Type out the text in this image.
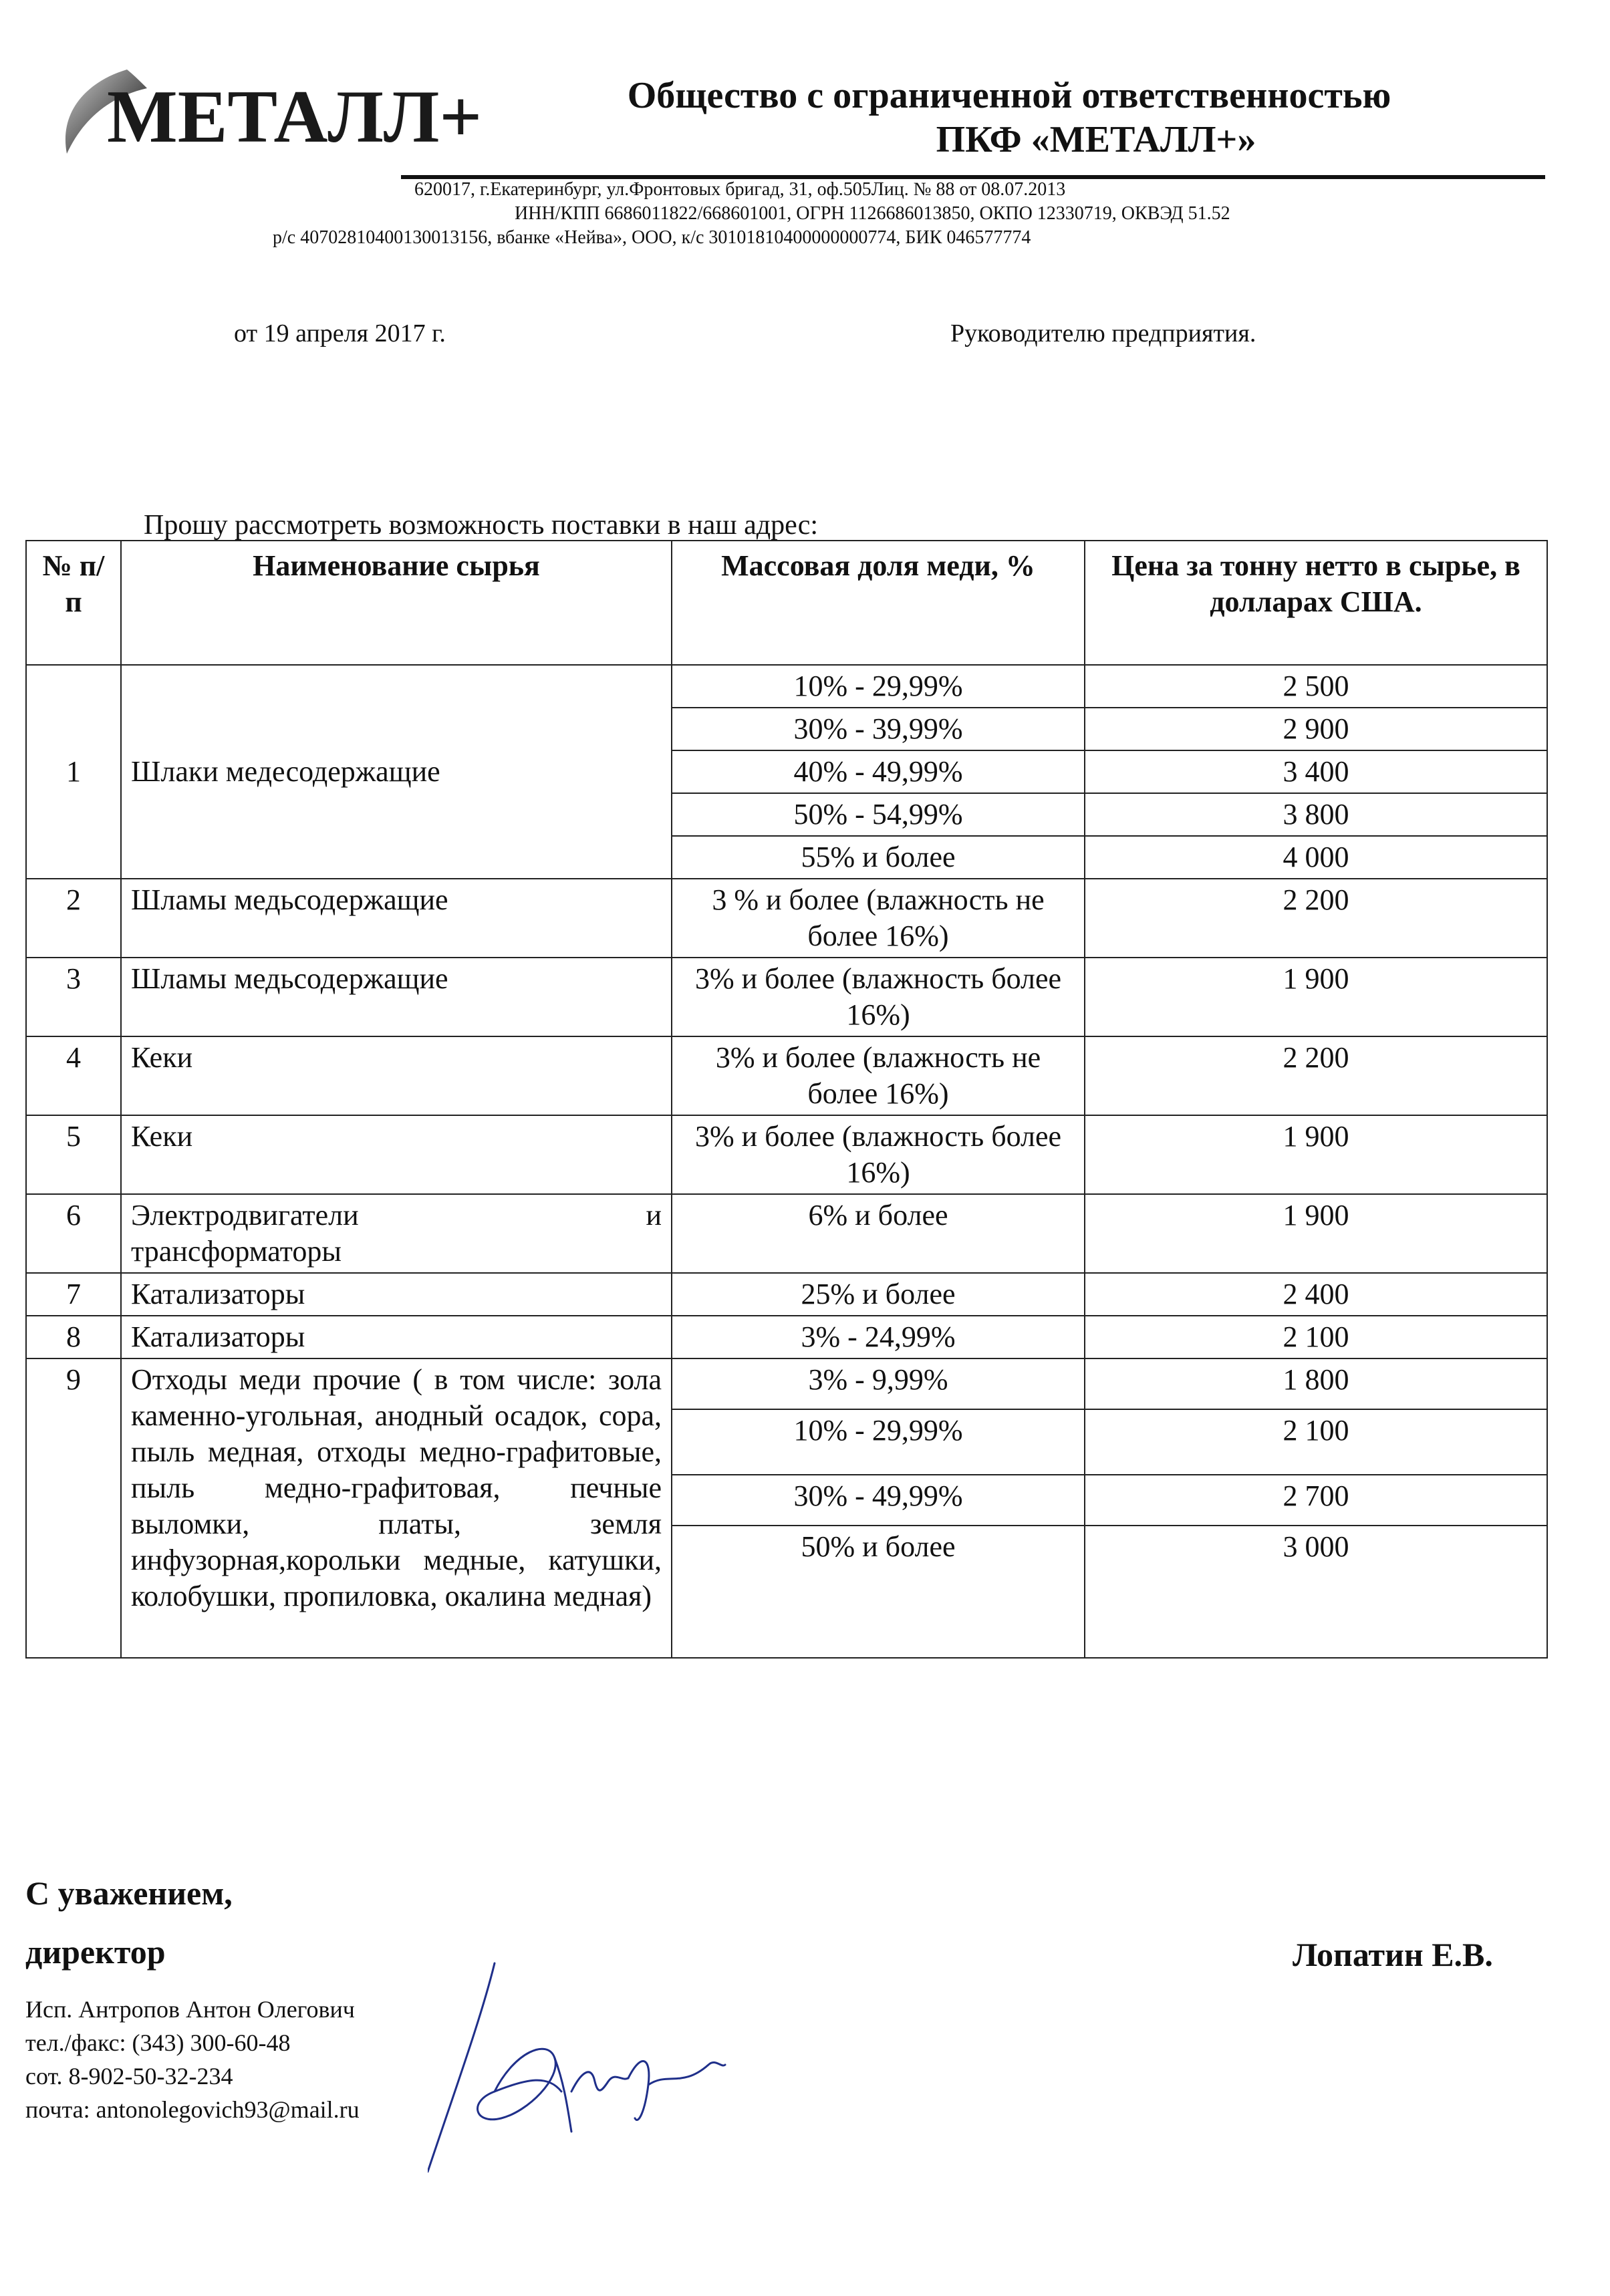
МЕТАЛЛ+	Общество с ограниченной ответственностью
ПКФ «МЕТАЛЛ+»
620017, г.Екатеринбург, ул.Фронтовых бригад, 31, оф.505Лиц. № 88 от 08.07.2013
ИНН/КПП 6686011822/668601001, ОГРН 1126686013850, ОКПО 12330719, ОКВЭД 51.52
р/с 40702810400130013156, вбанке «Нейва», ООО, к/с 30101810400000000774, БИК 046577774
от 19 апреля 2017 г.	Руководителю предприятия.
Прошу рассмотреть возможность поставки в наш адрес:
№ п/п	Наименование сырья	Массовая доля меди, %	Цена за тонну нетто в сырье, в долларах США.
1	Шлаки медесодержащие	10% - 29,99%	2 500
		30% - 39,99%	2 900
		40% - 49,99%	3 400
		50% - 54,99%	3 800
		55% и более	4 000
2	Шламы медьсодержащие	3 % и более (влажность не более 16%)	2 200
3	Шламы медьсодержащие	3% и более (влажность более 16%)	1 900
4	Кеки	3% и более (влажность не более 16%)	2 200
5	Кеки	3% и более (влажность более 16%)	1 900
6	Электродвигатели и
трансформаторы	6% и более	1 900
7	Катализаторы	25% и более	2 400
8	Катализаторы	3% - 24,99%	2 100
9	Отходы меди прочие ( в том числе: зола каменно-угольная, анодный осадок, сора, пыль медная, отходы медно-графитовые, пыль медно-графитовая, печные выломки, платы, земля инфузорная,корольки медные, катушки, колобушки, пропиловка, окалина медная)	3% - 9,99%	1 800
		10% - 29,99%	2 100
		30% - 49,99%	2 700
		50% и более	3 000
С уважением,
директор	Лопатин Е.В.
Исп. Антропов Антон Олегович
тел./факс: (343) 300-60-48
сот. 8-902-50-32-234
почта: antonolegovich93@mail.ru
